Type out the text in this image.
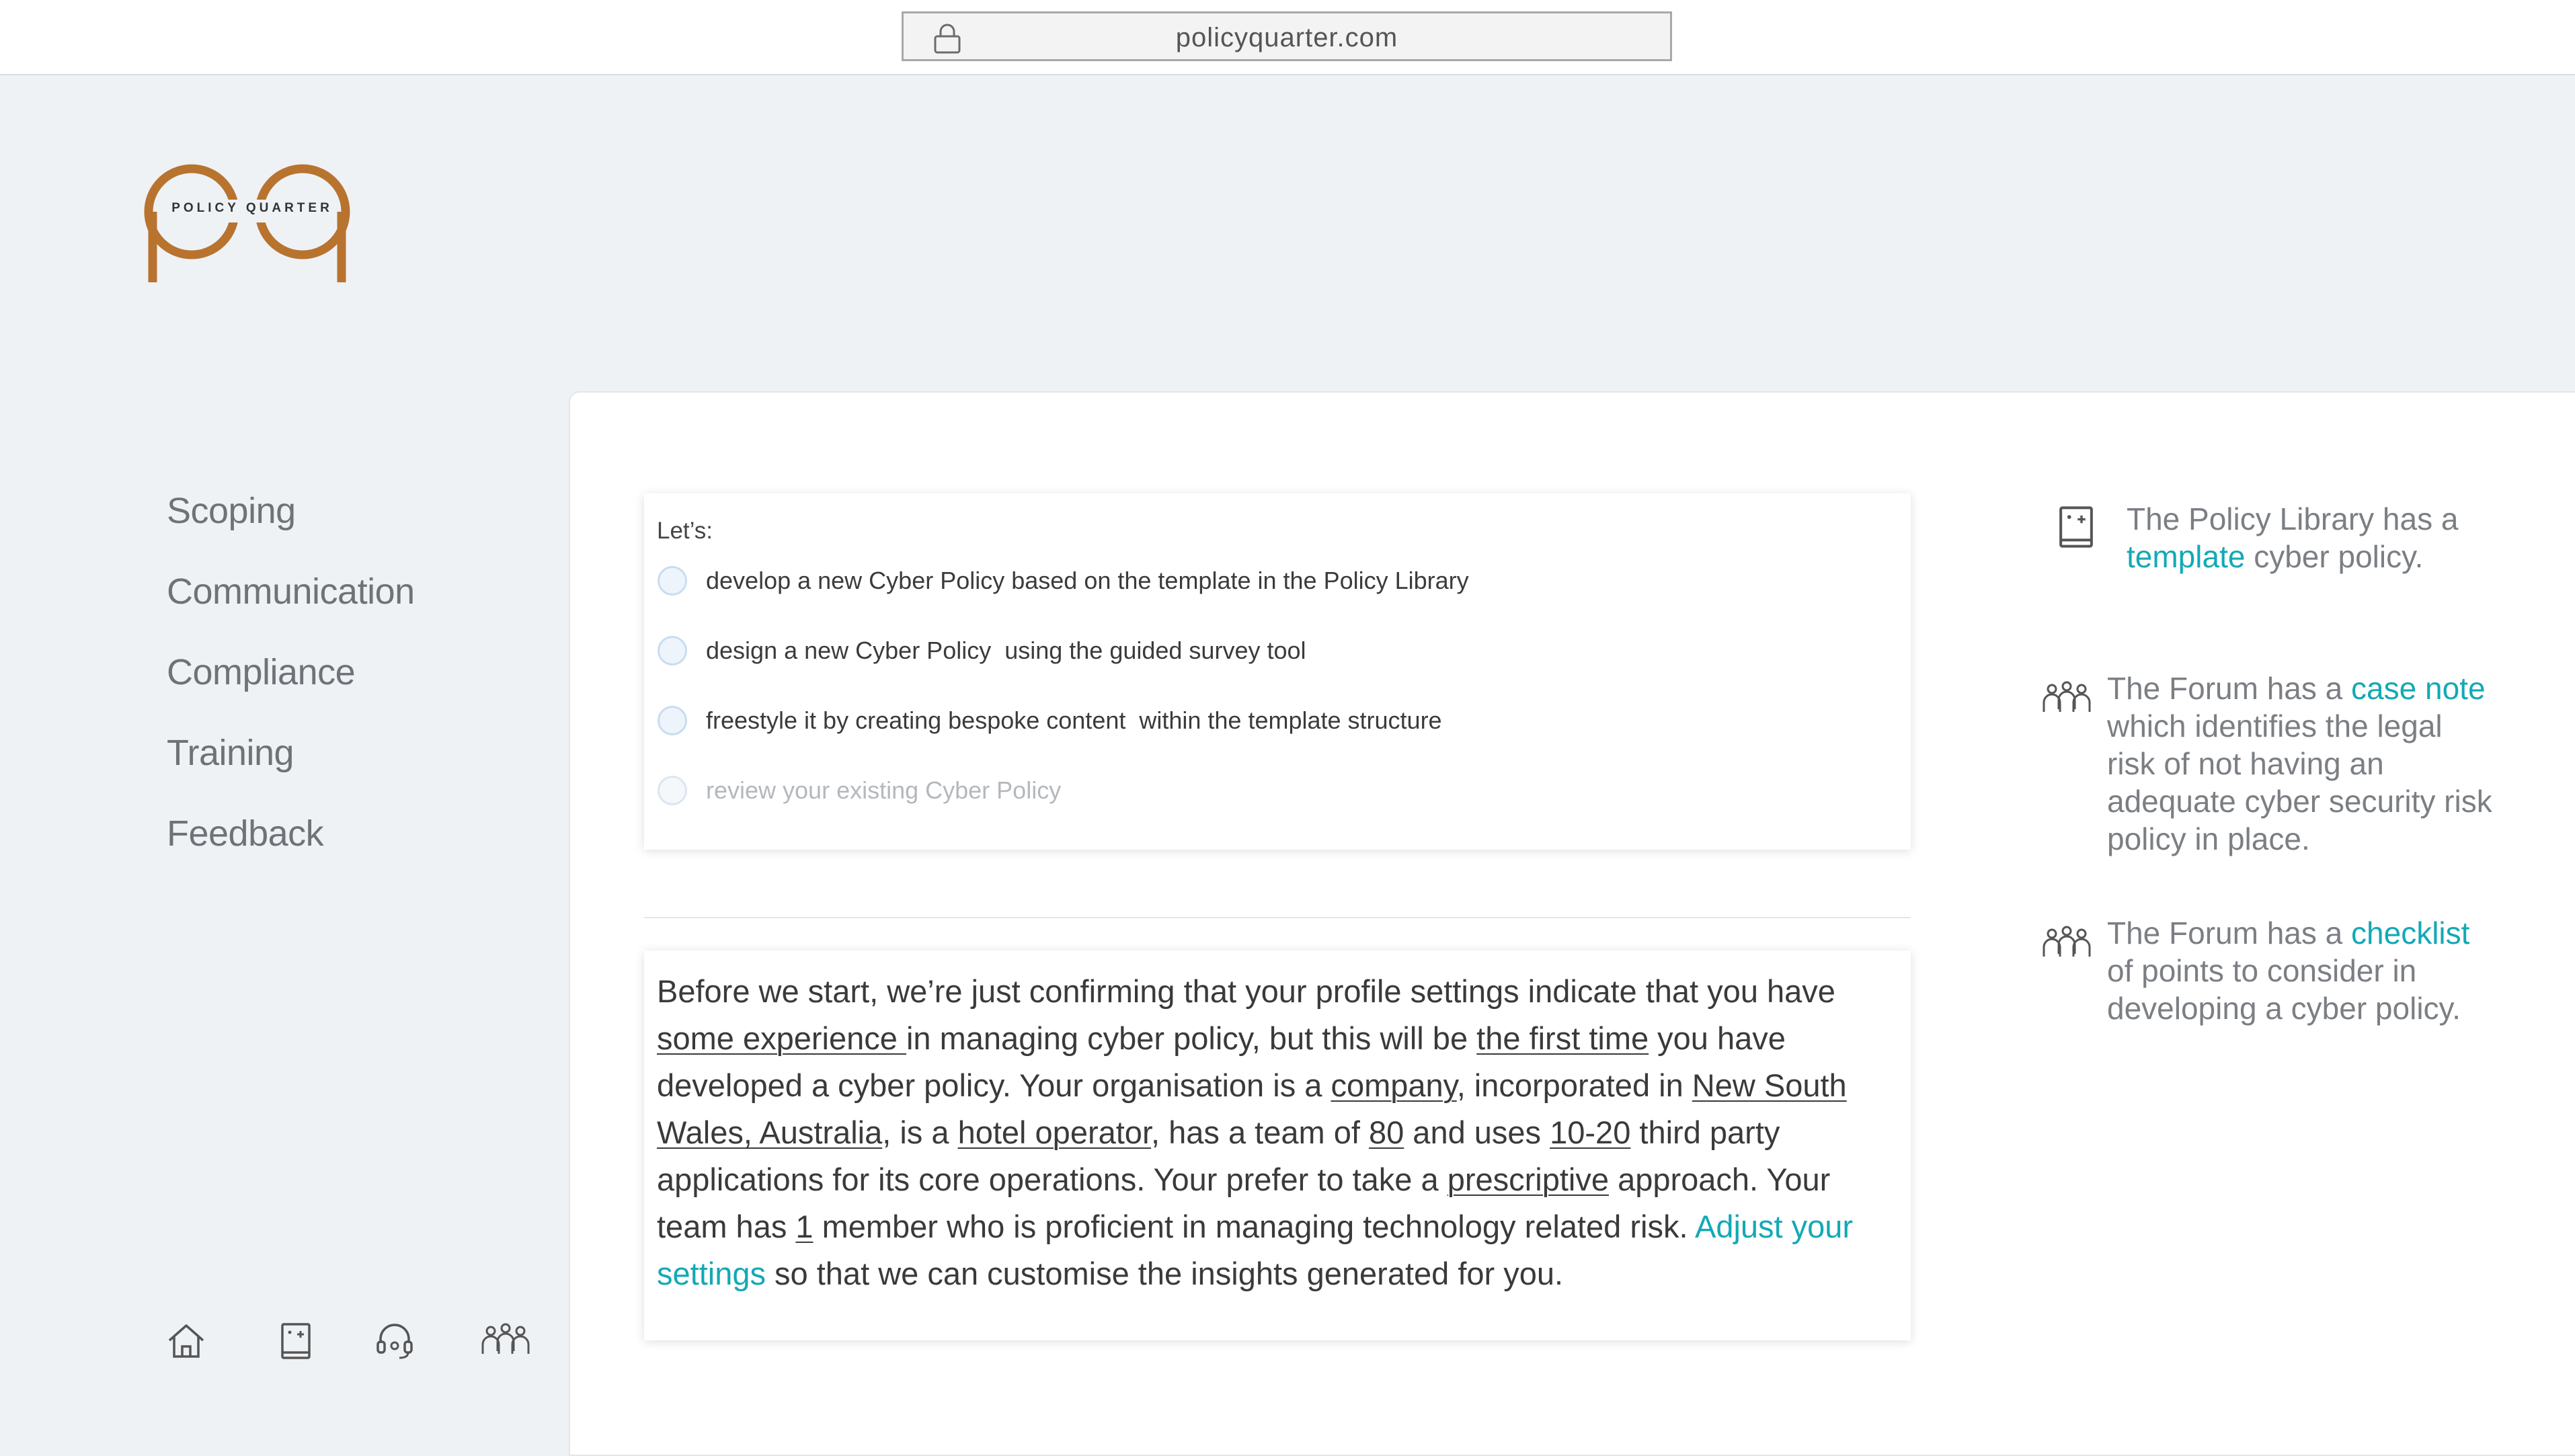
policyquarter.com
POLICY QUARTER
Scoping
Communication
Compliance
Training
Feedback
Let’s:
develop a new Cyber Policy based on the template in the Policy Library
design a new Cyber Policy  using the guided survey tool
freestyle it by creating bespoke content  within the template structure
review your existing Cyber Policy
Before we start, we’re just confirming that your profile settings indicate that you have some experience in managing cyber policy, but this will be the first time you have developed a cyber policy. Your organisation is a company, incorporated in New South Wales, Australia, is a hotel operator, has a team of 80 and uses 10-20 third party applications for its core operations. Your prefer to take a prescriptive approach. Your team has 1 member who is proficient in managing technology related risk. Adjust your settings so that we can customise the insights generated for you.
The Policy Library has a template cyber policy.
The Forum has a case note which identifies the legal risk of not having an adequate cyber security risk policy in place.
The Forum has a checklist of points to consider in developing a cyber policy.
